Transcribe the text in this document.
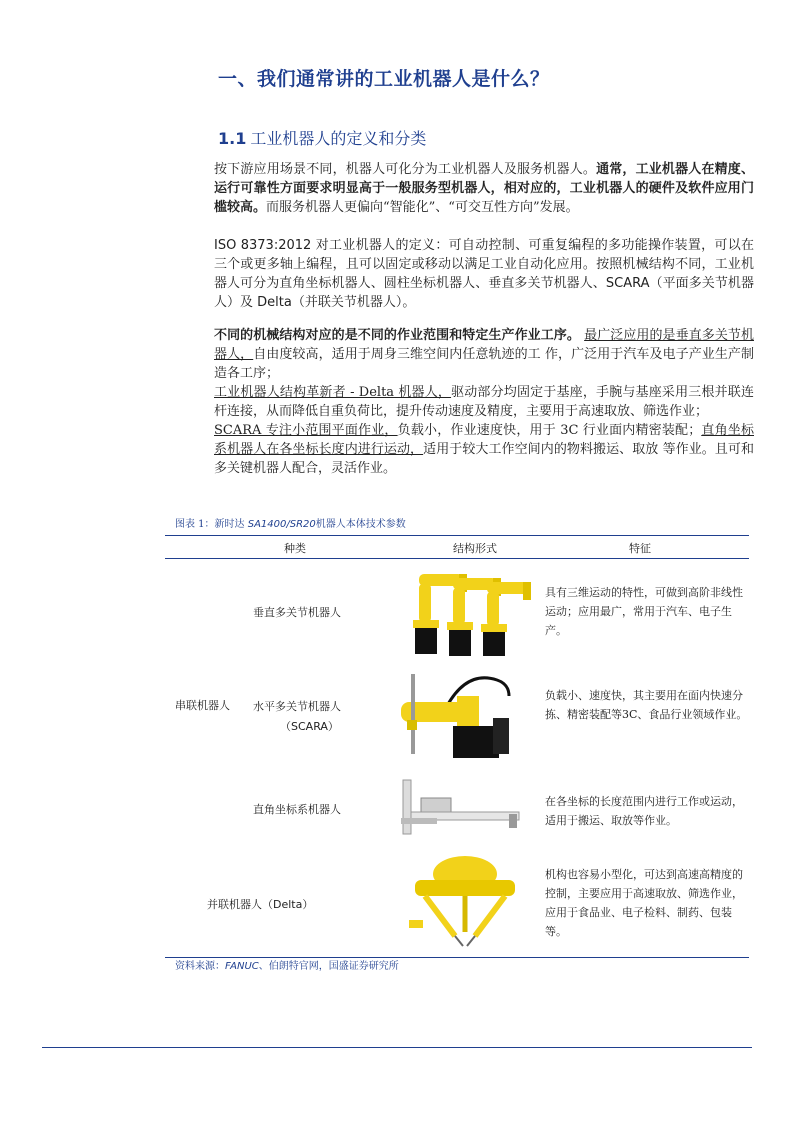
一、我们通常讲的工业机器人是什么？
1.1 工业机器人的定义和分类
按下游应用场景不同，机器人可化分为工业机器人及服务机器人。通常，工业机器人在精度、运行可靠性方面要求明显高于一般服务型机器人，相对应的，工业机器人的硬件及软件应用门槛较高。而服务机器人更偏向“智能化”、“可交互性方向”发展。
ISO 8373:2012 对工业机器人的定义：可自动控制、可重复编程的多功能操作装置，可以在三个或更多轴上编程，且可以固定或移动以满足工业自动化应用。按照机械结构不同，工业机器人可分为直角坐标机器人、圆柱坐标机器人、垂直多关节机器人、SCARA（平面多关节机器人）及 Delta（并联关节机器人）。
不同的机械结构对应的是不同的作业范围和特定生产作业工序。 最广泛应用的是垂直多关节机器人，自由度较高，适用于周身三维空间内任意轨迹的工 作，广泛用于汽车及电子产业生产制造各工序；
工业机器人结构革新者 - Delta 机器人，驱动部分均固定于基座，手腕与基座采用三根并联连杆连接，从而降低自重负荷比，提升传动速度及精度，主要用于高速取放、筛选作业；
SCARA 专注小范围平面作业，负载小，作业速度快，用于 3C 行业面内精密装配；直角坐标系机器人在各坐标长度内进行运动，适用于较大工作空间内的物料搬运、取放 等作业。且可和多关键机器人配合，灵活作业。
图表 1：新时达 SA1400/SR20机器人本体技术参数
种类	结构形式	特征
串联机器人
垂直多关节机器人
具有三维运动的特性，可做到高阶非线性运动；应用最广，常用于汽车、电子生产。
水平多关节机器人
（SCARA）
负载小、速度快，其主要用在面内快速分拣、精密装配等3C、食品行业领域作业。
直角坐标系机器人
在各坐标的长度范围内进行工作或运动，适用于搬运、取放等作业。
并联机器人（Delta）
机构也容易小型化，可达到高速高精度的控制，主要应用于高速取放、筛选作业，应用于食品业、电子检料、制药、包装等。
资料来源：FANUC、伯朗特官网，国盛证券研究所
